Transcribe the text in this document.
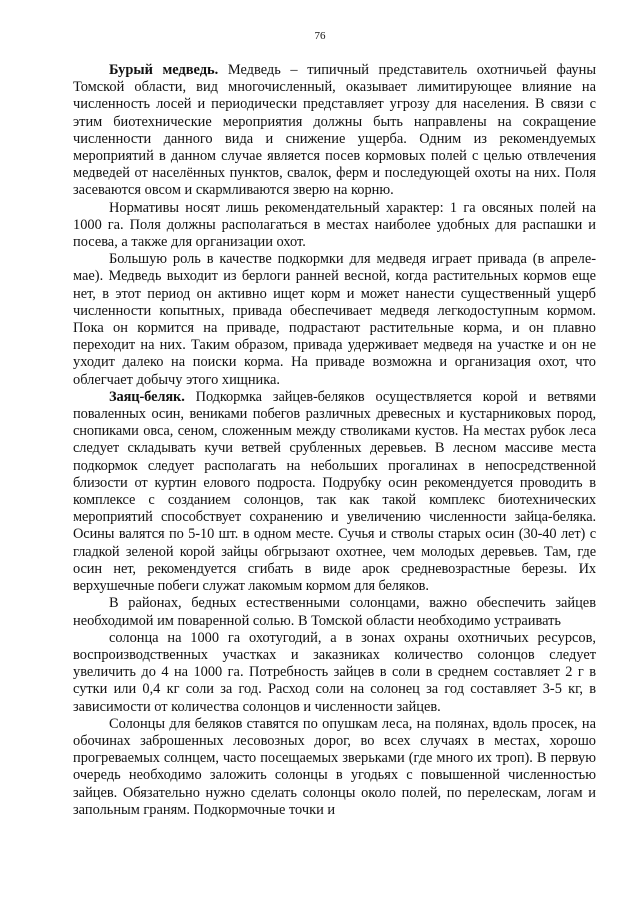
76

Бурый медведь. Медведь – типичный представитель охотничьей фауны Томской области, вид многочисленный, оказывает лимитирующее влияние на численность лосей и периодически представляет угрозу для населения. В связи с этим биотехнические мероприятия должны быть направлены на сокращение численности данного вида и снижение ущерба. Одним из рекомендуемых мероприятий в данном случае является посев кормовых полей с целью отвлечения медведей от населённых пунктов, свалок, ферм и последующей охоты на них. Поля засеваются овсом и скармливаются зверю на корню.

Нормативы носят лишь рекомендательный характер: 1 га овсяных полей на 1000 га. Поля должны располагаться в местах наиболее удобных для распашки и посева, а также для организации охот.

Большую роль в качестве подкормки для медведя играет привада (в апреле-мае). Медведь выходит из берлоги ранней весной, когда растительных кормов еще нет, в этот период он активно ищет корм и может нанести существенный ущерб численности копытных, привада обеспечивает медведя легкодоступным кормом. Пока он кормится на приваде, подрастают растительные корма, и он плавно переходит на них. Таким образом, привада удерживает медведя на участке и он не уходит далеко на поиски корма. На приваде возможна и организация охот, что облегчает добычу этого хищника.

Заяц-беляк. Подкормка зайцев-беляков осуществляется корой и ветвями поваленных осин, вениками побегов различных древесных и кустарниковых пород, снопиками овса, сеном, сложенным между стволиками кустов. На местах рубок леса следует складывать кучи ветвей срубленных деревьев. В лесном массиве места подкормок следует располагать на небольших прогалинах в непосредственной близости от куртин елового подроста. Подрубку осин рекомендуется проводить в комплексе с созданием солонцов, так как такой комплекс биотехнических мероприятий способствует сохранению и увеличению численности зайца-беляка. Осины валятся по 5-10 шт. в одном месте. Сучья и стволы старых осин (30-40 лет) с гладкой зеленой корой зайцы обгрызают охотнее, чем молодых деревьев. Там, где осин нет, рекомендуется сгибать в виде арок средневозрастные березы. Их верхушечные побеги служат лакомым кормом для беляков.

В районах, бедных естественными солонцами, важно обеспечить зайцев необходимой им поваренной солью. В Томской области необходимо устраивать

солонца на 1000 га охотугодий, а в зонах охраны охотничьих ресурсов, воспроизводственных участках и заказниках количество солонцов следует увеличить до 4 на 1000 га. Потребность зайцев в соли в среднем составляет 2 г в сутки или 0,4 кг соли за год. Расход соли на солонец за год составляет 3-5 кг, в зависимости от количества солонцов и численности зайцев.

Солонцы для беляков ставятся по опушкам леса, на полянах, вдоль просек, на обочинах заброшенных лесовозных дорог, во всех случаях в местах, хорошо прогреваемых солнцем, часто посещаемых зверьками (где много их троп). В первую очередь необходимо заложить солонцы в угодьях с повышенной численностью зайцев. Обязательно нужно сделать солонцы около полей, по перелескам, логам и запольным граням. Подкормочные точки и
